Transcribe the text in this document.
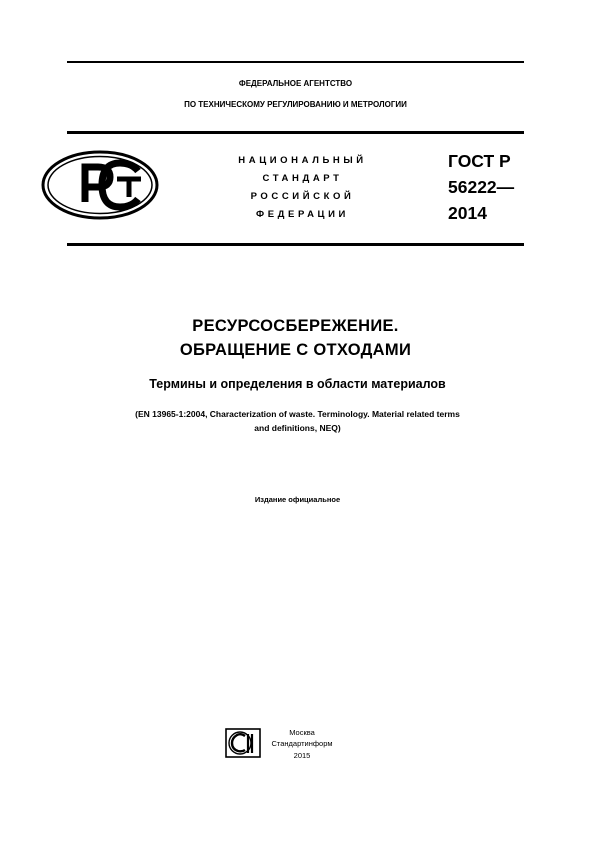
ФЕДЕРАЛЬНОЕ АГЕНТСТВО
ПО ТЕХНИЧЕСКОМУ РЕГУЛИРОВАНИЮ И МЕТРОЛОГИИ
НАЦИОНАЛЬНЫЙ
СТАНДАРТ
РОССИЙСКОЙ
ФЕДЕРАЦИИ
ГОСТ Р
56222—
2014
РЕСУРСОСБЕРЕЖЕНИЕ.
ОБРАЩЕНИЕ С ОТХОДАМИ
Термины и определения в области материалов
(EN 13965-1:2004, Characterization of waste. Terminology. Material related terms
and definitions, NEQ)
Издание официальное
Москва
Стандартинформ
2015
